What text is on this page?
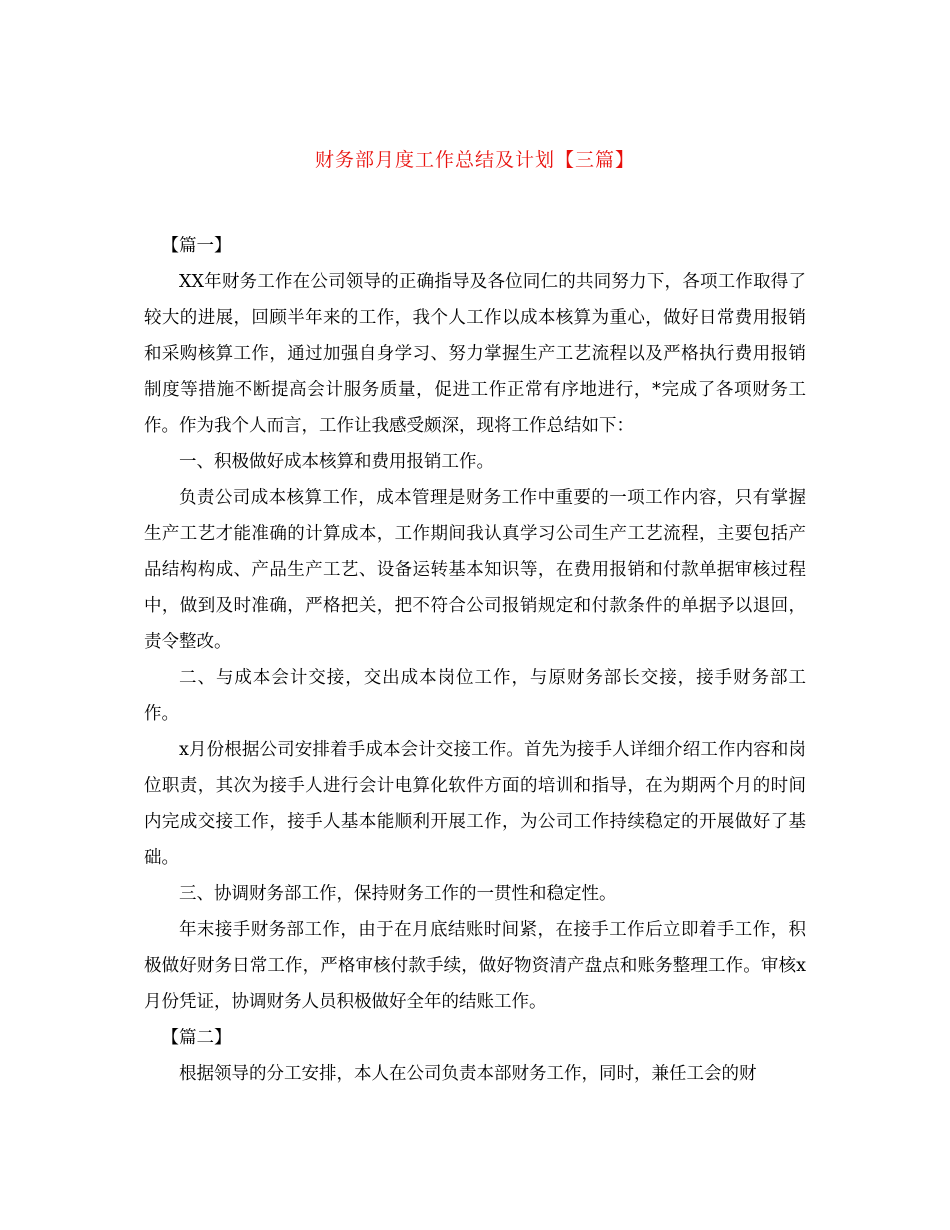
财务部月度工作总结及计划【三篇】

【篇一】

XX年财务工作在公司领导的正确指导及各位同仁的共同努力下，各项工作取得了较大的进展，回顾半年来的工作，我个人工作以成本核算为重心，做好日常费用报销和采购核算工作，通过加强自身学习、努力掌握生产工艺流程以及严格执行费用报销制度等措施不断提高会计服务质量，促进工作正常有序地进行，*完成了各项财务工作。作为我个人而言，工作让我感受颇深，现将工作总结如下：

一、积极做好成本核算和费用报销工作。

负责公司成本核算工作，成本管理是财务工作中重要的一项工作内容，只有掌握生产工艺才能准确的计算成本，工作期间我认真学习公司生产工艺流程，主要包括产品结构构成、产品生产工艺、设备运转基本知识等，在费用报销和付款单据审核过程中，做到及时准确，严格把关，把不符合公司报销规定和付款条件的单据予以退回，责令整改。

二、与成本会计交接，交出成本岗位工作，与原财务部长交接，接手财务部工作。

x月份根据公司安排着手成本会计交接工作。首先为接手人详细介绍工作内容和岗位职责，其次为接手人进行会计电算化软件方面的培训和指导，在为期两个月的时间内完成交接工作，接手人基本能顺利开展工作，为公司工作持续稳定的开展做好了基础。

三、协调财务部工作，保持财务工作的一贯性和稳定性。

年末接手财务部工作，由于在月底结账时间紧，在接手工作后立即着手工作，积极做好财务日常工作，严格审核付款手续，做好物资清产盘点和账务整理工作。审核x月份凭证，协调财务人员积极做好全年的结账工作。

【篇二】

根据领导的分工安排，本人在公司负责本部财务工作，同时，兼任工会的财
